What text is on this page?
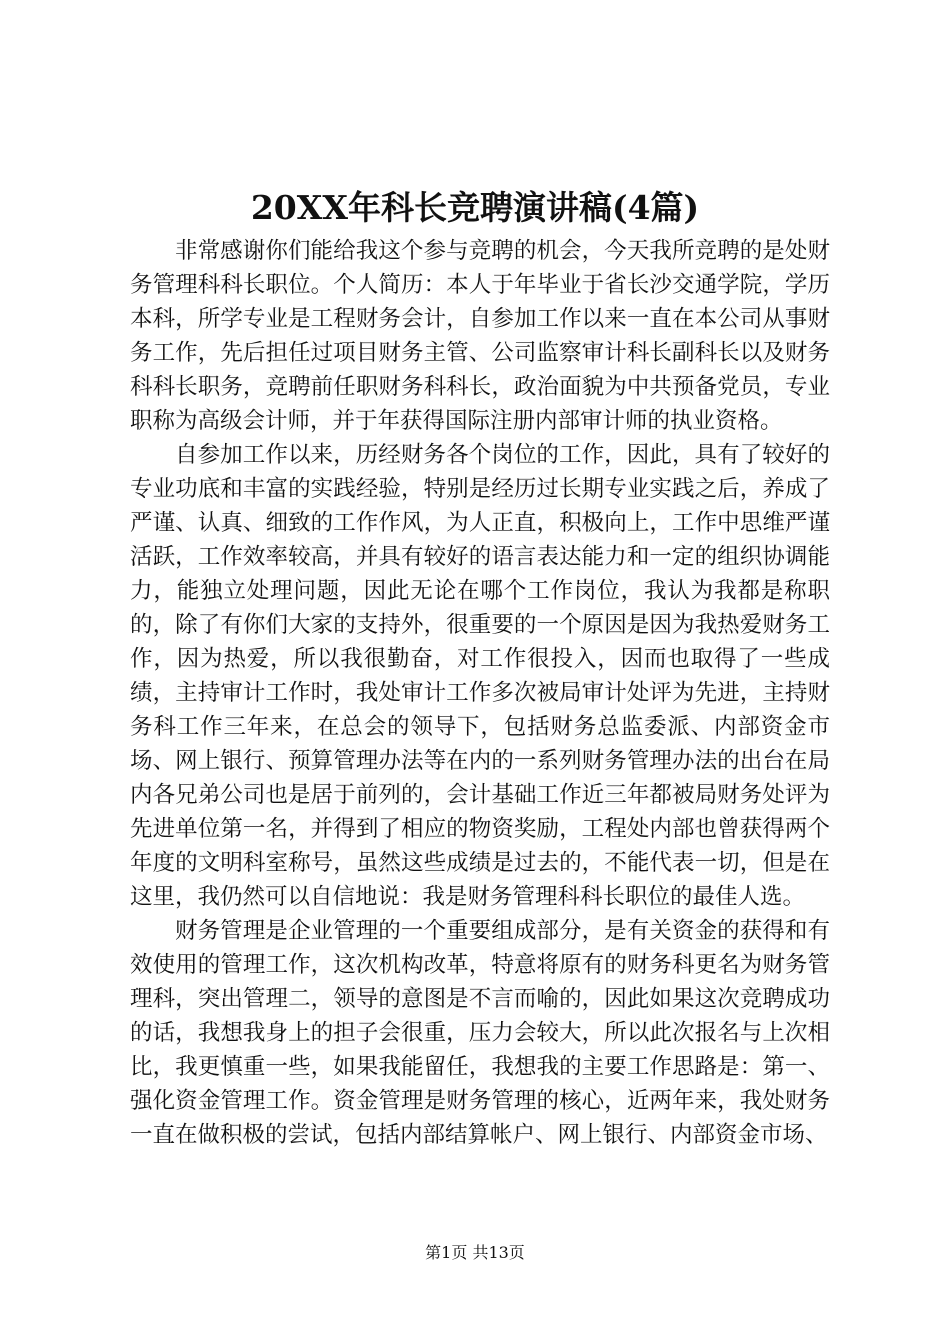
20XX年科长竞聘演讲稿(4篇)

非常感谢你们能给我这个参与竞聘的机会，今天我所竞聘的是处财务管理科科长职位。个人简历：本人于年毕业于省长沙交通学院，学历本科，所学专业是工程财务会计，自参加工作以来一直在本公司从事财务工作，先后担任过项目财务主管、公司监察审计科长副科长以及财务科科长职务，竞聘前任职财务科科长，政治面貌为中共预备党员，专业职称为高级会计师，并于年获得国际注册内部审计师的执业资格。

自参加工作以来，历经财务各个岗位的工作，因此，具有了较好的专业功底和丰富的实践经验，特别是经历过长期专业实践之后，养成了严谨、认真、细致的工作作风，为人正直，积极向上，工作中思维严谨活跃，工作效率较高，并具有较好的语言表达能力和一定的组织协调能力，能独立处理问题，因此无论在哪个工作岗位，我认为我都是称职的，除了有你们大家的支持外，很重要的一个原因是因为我热爱财务工作，因为热爱，所以我很勤奋，对工作很投入，因而也取得了一些成绩，主持审计工作时，我处审计工作多次被局审计处评为先进，主持财务科工作三年来，在总会的领导下，包括财务总监委派、内部资金市场、网上银行、预算管理办法等在内的一系列财务管理办法的出台在局内各兄弟公司也是居于前列的，会计基础工作近三年都被局财务处评为先进单位第一名，并得到了相应的物资奖励，工程处内部也曾获得两个年度的文明科室称号，虽然这些成绩是过去的，不能代表一切，但是在这里，我仍然可以自信地说：我是财务管理科科长职位的最佳人选。

财务管理是企业管理的一个重要组成部分，是有关资金的获得和有效使用的管理工作，这次机构改革，特意将原有的财务科更名为财务管理科，突出管理二，领导的意图是不言而喻的，因此如果这次竞聘成功的话，我想我身上的担子会很重，压力会较大，所以此次报名与上次相比，我更慎重一些，如果我能留任，我想我的主要工作思路是：第一、强化资金管理工作。资金管理是财务管理的核心，近两年来，我处财务一直在做积极的尝试，包括内部结算帐户、网上银行、内部资金市场、

第1页 共13页
